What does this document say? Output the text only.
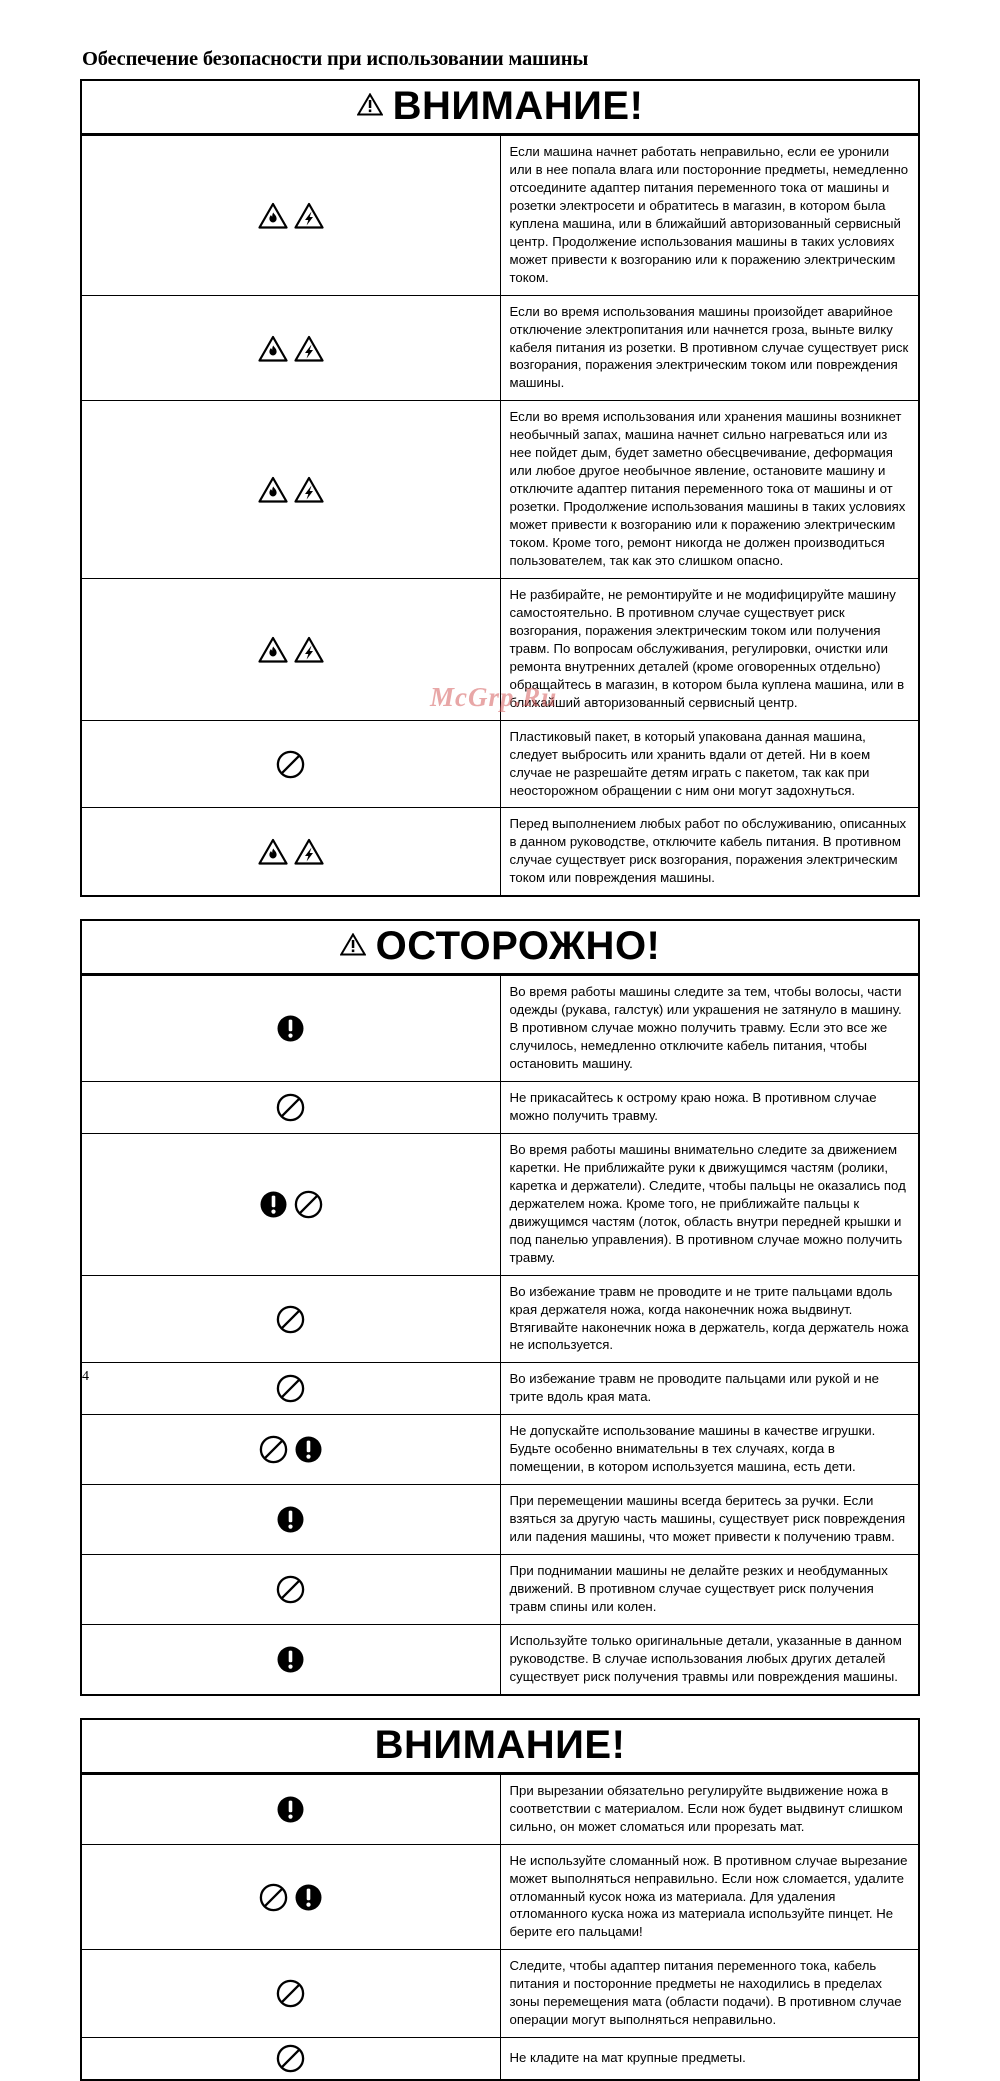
Обеспечение безопасности при использовании машины
ВНИМАНИЕ!	

	Если машина начнет работать неправильно, если ее уронили или в нее попала влага или посторонние предметы, немедленно отсоедините адаптер питания переменного тока от машины и розетки электросети и обратитесь в магазин, в котором была куплена машина, или в ближайший авторизованный сервисный центр. Продолжение использования машины в таких условиях может привести к возгоранию или к поражению электрическим током.
	Если во время использования машины произойдет аварийное отключение электропитания или начнется гроза, выньте вилку кабеля питания из розетки. В противном случае существует риск возгорания, поражения электрическим током или повреждения машины.
	Если во время использования или хранения машины возникнет необычный запах, машина начнет сильно нагреваться или из нее пойдет дым, будет заметно обесцвечивание, деформация или любое другое необычное явление, остановите машину и отключите адаптер питания переменного тока от машины и от розетки. Продолжение использования машины в таких условиях может привести к возгоранию или к поражению электрическим током. Кроме того, ремонт никогда не должен производиться пользователем, так как это слишком опасно.
	Не разбирайте, не ремонтируйте и не модифицируйте машину самостоятельно. В противном случае существует риск возгорания, поражения электрическим током или получения травм. По вопросам обслуживания, регулировки, очистки или ремонта внутренних деталей (кроме оговоренных отдельно) обращайтесь в магазин, в котором была куплена машина, или в ближайший авторизованный сервисный центр.
	Пластиковый пакет, в который упакована данная машина, следует выбросить или хранить вдали от детей. Ни в коем случае не разрешайте детям играть с пакетом, так как при неосторожном обращении с ним они могут задохнуться.
	Перед выполнением любых работ по обслуживанию, описанных в данном руководстве, отключите кабель питания. В противном случае существует риск возгорания, поражения электрическим током или повреждения машины.
ОСТОРОЖНО!	

	Во время работы машины следите за тем, чтобы волосы, части одежды (рукава, галстук) или украшения не затянуло в машину. В противном случае можно получить травму. Если это все же случилось, немедленно отключите кабель питания, чтобы остановить машину.
	Не прикасайтесь к острому краю ножа. В противном случае можно получить травму.
	Во время работы машины внимательно следите за движением каретки. Не приближайте руки к движущимся частям (ролики, каретка и держатели). Следите, чтобы пальцы не оказались под держателем ножа. Кроме того, не приближайте пальцы к движущимся частям (лоток, область внутри передней крышки и под панелью управления). В противном случае можно получить травму.
	Во избежание травм не проводите и не трите пальцами вдоль края держателя ножа, когда наконечник ножа выдвинут. Втягивайте наконечник ножа в держатель, когда держатель ножа не используется.
	Во избежание травм не проводите пальцами или рукой и не трите вдоль края мата.
	Не допускайте использование машины в качестве игрушки. Будьте особенно внимательны в тех случаях, когда в помещении, в котором используется машина, есть дети.
	При перемещении машины всегда беритесь за ручки. Если взяться за другую часть машины, существует риск повреждения или падения машины, что может привести к получению травм.
	При поднимании машины не делайте резких и необдуманных движений. В противном случае существует риск получения травм спины или колен.
	Используйте только оригинальные детали, указанные в данном руководстве. В случае использования любых других деталей существует риск получения травмы или повреждения машины.
ВНИМАНИЕ!	

	При вырезании обязательно регулируйте выдвижение ножа в соответствии с материалом. Если нож будет выдвинут слишком сильно, он может сломаться или прорезать мат.
	Не используйте сломанный нож. В противном случае вырезание может выполняться неправильно. Если нож сломается, удалите отломанный кусок ножа из материала. Для удаления отломанного куска ножа из материала используйте пинцет. Не берите его пальцами!
	Следите, чтобы адаптер питания переменного тока, кабель питания и посторонние предметы не находились в пределах зоны перемещения мата (области подачи). В противном случае операции могут выполняться неправильно.
	Не кладите на мат крупные предметы.
McGrp.Ru
4
